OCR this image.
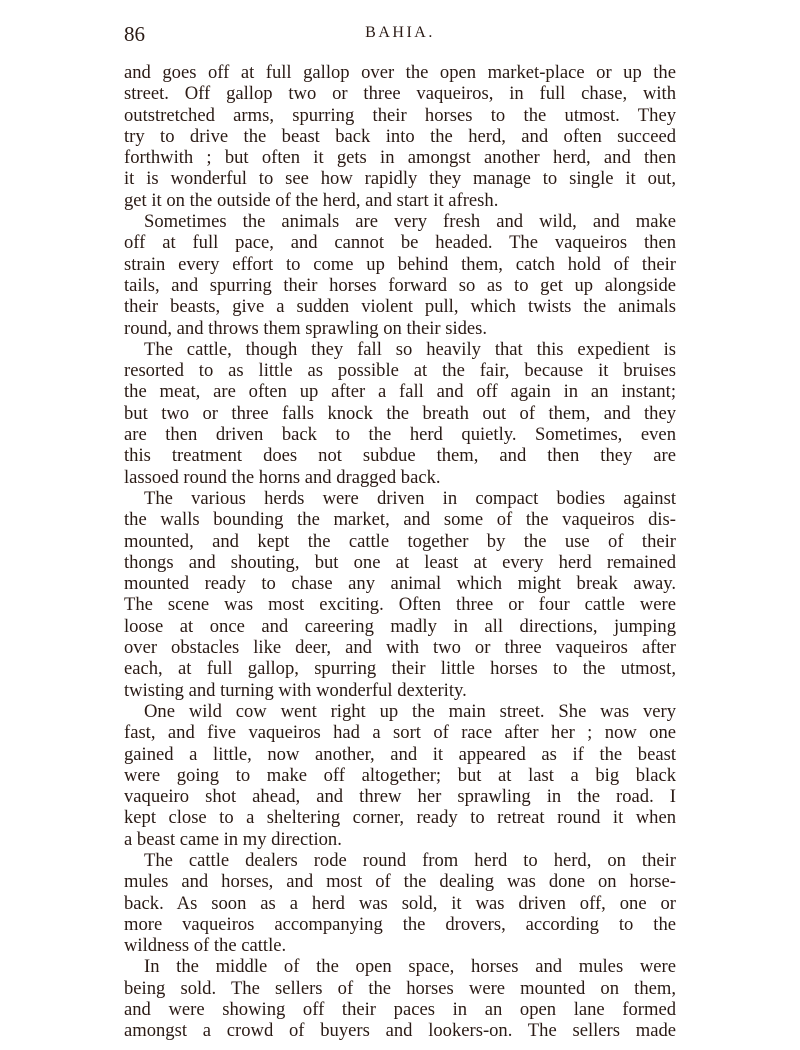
86	BAHIA.
and goes off at full gallop over the open market-place or up the
street. Off gallop two or three vaqueiros, in full chase, with
outstretched arms, spurring their horses to the utmost. They
try to drive the beast back into the herd, and often succeed
forthwith ; but often it gets in amongst another herd, and then
it is wonderful to see how rapidly they manage to single it out,
get it on the outside of the herd, and start it afresh.
Sometimes the animals are very fresh and wild, and make
off at full pace, and cannot be headed. The vaqueiros then
strain every effort to come up behind them, catch hold of their
tails, and spurring their horses forward so as to get up alongside
their beasts, give a sudden violent pull, which twists the animals
round, and throws them sprawling on their sides.
The cattle, though they fall so heavily that this expedient is
resorted to as little as possible at the fair, because it bruises
the meat, are often up after a fall and off again in an instant;
but two or three falls knock the breath out of them, and they
are then driven back to the herd quietly. Sometimes, even
this treatment does not subdue them, and then they are
lassoed round the horns and dragged back.
The various herds were driven in compact bodies against
the walls bounding the market, and some of the vaqueiros dis-
mounted, and kept the cattle together by the use of their
thongs and shouting, but one at least at every herd remained
mounted ready to chase any animal which might break away.
The scene was most exciting. Often three or four cattle were
loose at once and careering madly in all directions, jumping
over obstacles like deer, and with two or three vaqueiros after
each, at full gallop, spurring their little horses to the utmost,
twisting and turning with wonderful dexterity.
One wild cow went right up the main street. She was very
fast, and five vaqueiros had a sort of race after her ; now one
gained a little, now another, and it appeared as if the beast
were going to make off altogether; but at last a big black
vaqueiro shot ahead, and threw her sprawling in the road. I
kept close to a sheltering corner, ready to retreat round it when
a beast came in my direction.
The cattle dealers rode round from herd to herd, on their
mules and horses, and most of the dealing was done on horse-
back. As soon as a herd was sold, it was driven off, one or
more vaqueiros accompanying the drovers, according to the
wildness of the cattle.
In the middle of the open space, horses and mules were
being sold. The sellers of the horses were mounted on them,
and were showing off their paces in an open lane formed
amongst a crowd of buyers and lookers-on. The sellers made
